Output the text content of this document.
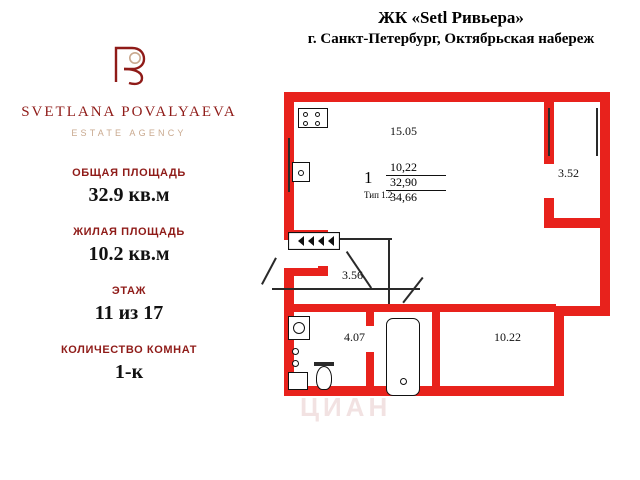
SVETLANA POVALYAEVA
ESTATE AGENCY
ОБЩАЯ ПЛОЩАДЬ
32.9 кв.м
ЖИЛАЯ ПЛОЩАДЬ
10.2 кв.м
ЭТАЖ
11 из 17
КОЛИЧЕСТВО КОМНАТ
1-к
ЖК «Setl Ривьера»
г. Санкт-Петербург, Октябрьская набереж
15.05
3.52
3.56
4.07	10.22
1
10,22
32,90
Тип 1.2
34,66
ЦИАН
